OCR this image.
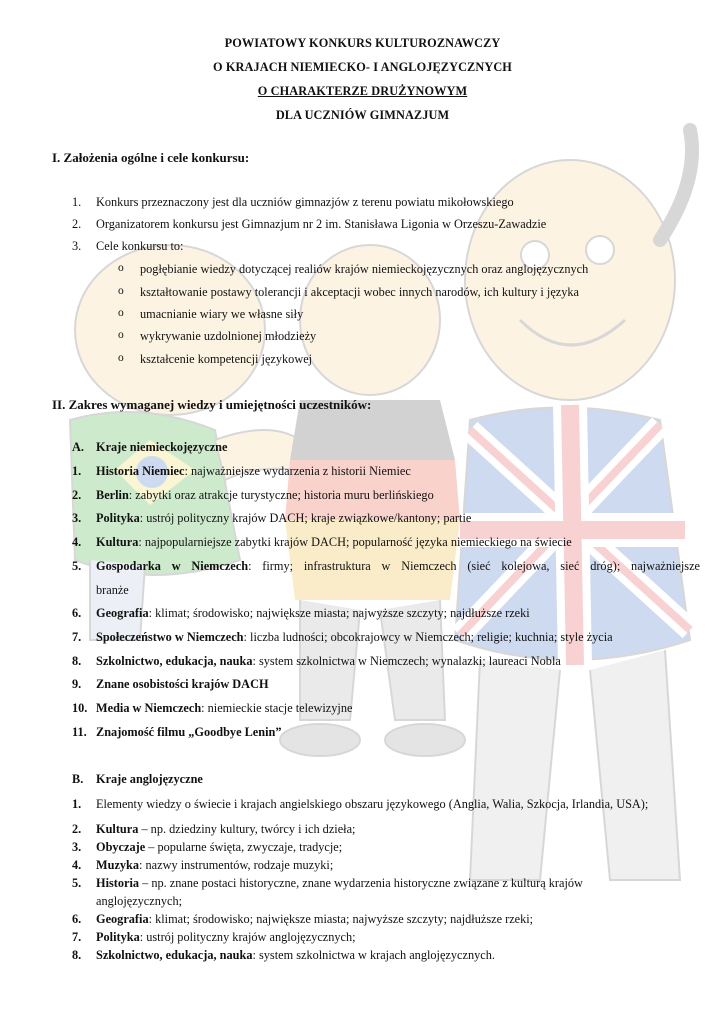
POWIATOWY KONKURS KULTUROZNAWCZY
O KRAJACH NIEMIECKO- I ANGLOJĘZYCZNYCH
O CHARAKTERZE DRUŻYNOWYM
DLA UCZNIÓW GIMNAZJUM
I. Założenia ogólne i cele konkursu:
1. Konkurs przeznaczony jest dla uczniów gimnazjów z terenu powiatu mikołowskiego
2. Organizatorem konkursu jest Gimnazjum nr 2 im. Stanisława Ligonia w Orzeszu-Zawadzie
3. Cele konkursu to:
o pogłębianie wiedzy dotyczącej realiów krajów niemieckojęzycznych oraz anglojęzycznych
o kształtowanie postawy tolerancji i akceptacji wobec innych narodów, ich kultury i języka
o umacnianie wiary we własne siły
o wykrywanie uzdolnionej młodzieży
o kształcenie kompetencji językowej
II. Zakres wymaganej wiedzy i umiejętności uczestników:
A. Kraje niemieckojęzyczne
1. Historia Niemiec: najważniejsze wydarzenia z historii Niemiec
2. Berlin: zabytki oraz atrakcje turystyczne; historia muru berlińskiego
3. Polityka: ustrój polityczny krajów DACH; kraje związkowe/kantony; partie
4. Kultura: najpopularniejsze zabytki krajów DACH; popularność języka niemieckiego na świecie
5. Gospodarka w Niemczech: firmy; infrastruktura w Niemczech (sieć kolejowa, sieć dróg); najważniejsze
branże
6. Geografia: klimat; środowisko; największe miasta; najwyższe szczyty; najdłuższe rzeki
7. Społeczeństwo w Niemczech: liczba ludności; obcokrajowcy w Niemczech; religie; kuchnia; style życia
8. Szkolnictwo, edukacja, nauka: system szkolnictwa w Niemczech; wynalazki; laureaci Nobla
9. Znane osobistości krajów DACH
10. Media w Niemczech: niemieckie stacje telewizyjne
11. Znajomość filmu „Goodbye Lenin”
B. Kraje anglojęzyczne
1. Elementy wiedzy o świecie i krajach angielskiego obszaru językowego (Anglia, Walia, Szkocja, Irlandia, USA);
2. Kultura – np. dziedziny kultury, twórcy i ich dzieła;
3. Obyczaje – popularne święta, zwyczaje, tradycje;
4. Muzyka: nazwy instrumentów, rodzaje muzyki;
5. Historia – np. znane postaci historyczne, znane wydarzenia historyczne związane z kulturą krajów
anglojęzycznych;
6. Geografia: klimat; środowisko; największe miasta; najwyższe szczyty; najdłuższe rzeki;
7. Polityka: ustrój polityczny krajów anglojęzycznych;
8. Szkolnictwo, edukacja, nauka: system szkolnictwa w krajach anglojęzycznych.
